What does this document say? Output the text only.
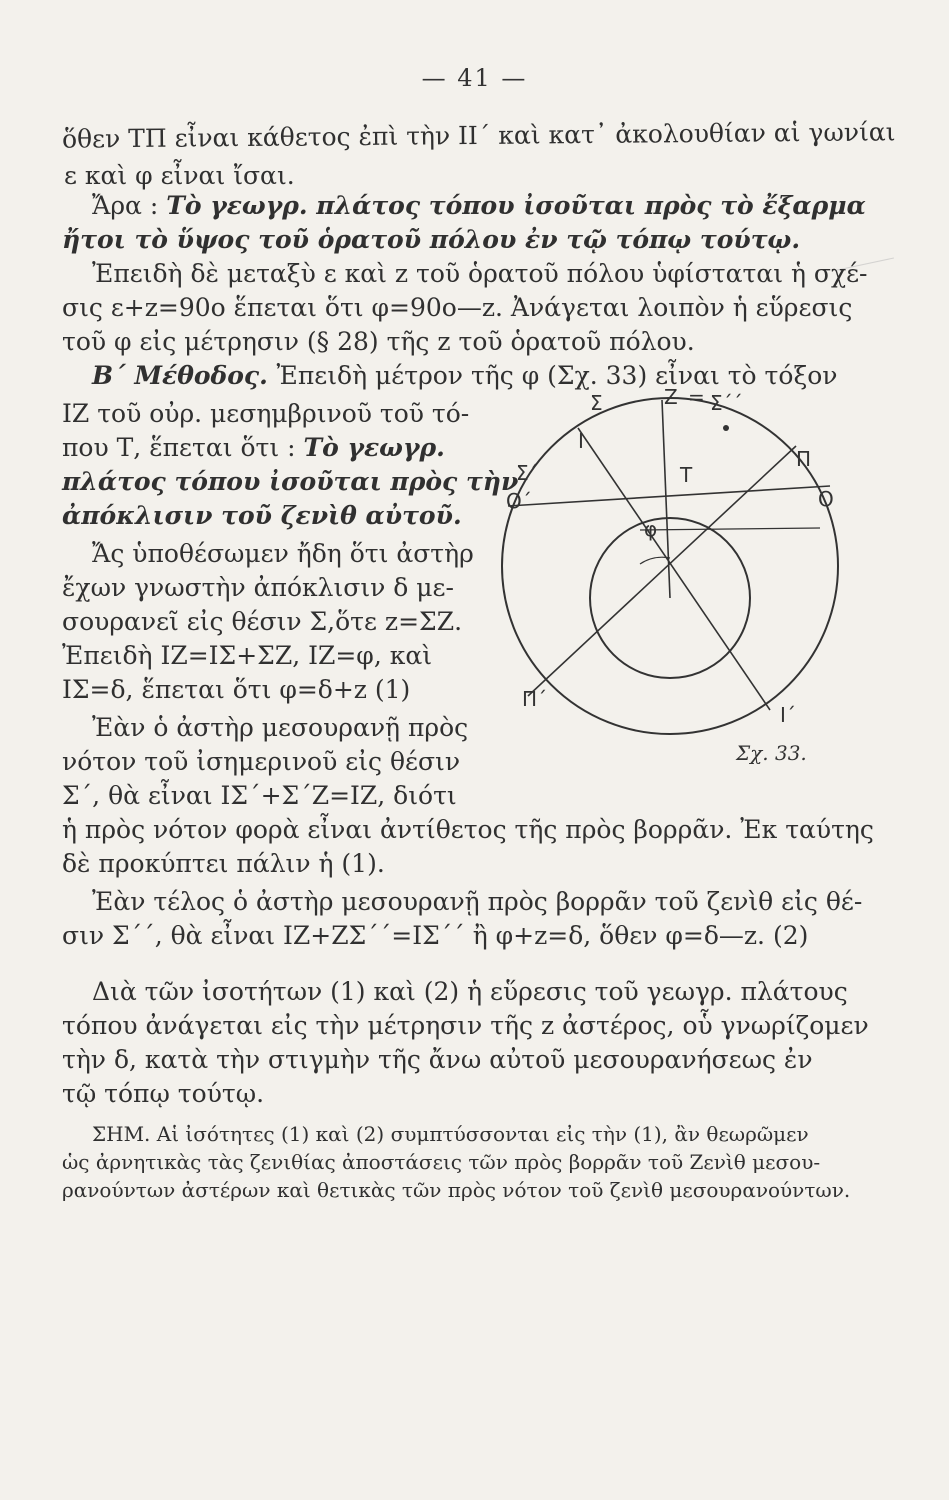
— 41 —
ὅθεν ΤΠ εἶναι κάθετος ἐπὶ τὴν ΙΙ΄ καὶ κατ᾽ ἀκολουθίαν αἱ γωνίαι
ε καὶ φ εἶναι ἴσαι.
Ἄρα : Τὸ γεωγρ. πλάτος τόπου ἰσοῦται πρὸς τὸ ἔξαρμα
ἤτοι τὸ ὕψος τοῦ ὁρατοῦ πόλου ἐν τῷ τόπῳ τούτῳ.
Ἐπειδὴ δὲ μεταξὺ ε καὶ z τοῦ ὁρατοῦ πόλου ὑφίσταται ἡ σχέ-
σις ε+z=90ο ἕπεται ὅτι φ=90ο—z. Ἀνάγεται λοιπὸν ἡ εὕρεσις
τοῦ φ εἰς μέτρησιν (§ 28) τῆς z τοῦ ὁρατοῦ πόλου.
Β΄ Μέθοδος. Ἐπειδὴ μέτρον τῆς φ (Σχ. 33) εἶναι τὸ τόξον
ΙΖ τοῦ οὐρ. μεσημβρινοῦ τοῦ τό-
που Τ, ἕπεται ὅτι : Τὸ γεωγρ.
πλάτος τόπου ἰσοῦται πρὸς τὴν
ἀπόκλισιν τοῦ ζενὶθ αὐτοῦ.
Ἄς ὑποθέσωμεν ἤδη ὅτι ἀστὴρ
ἔχων γνωστὴν ἀπόκλισιν δ με-
σουρανεῖ εἰς θέσιν Σ,ὅτε z=ΣΖ.
Ἐπειδὴ ΙΖ=ΙΣ+ΣΖ, ΙΖ=φ, καὶ
ΙΣ=δ, ἕπεται ὅτι φ=δ+z (1)
Ἐὰν ὁ ἀστὴρ μεσουρανῇ πρὸς
νότον τοῦ ἰσημερινοῦ εἰς θέσιν
Σ΄, θὰ εἶναι ΙΣ΄+Σ΄Ζ=ΙΖ, διότι
ἡ πρὸς νότον φορὰ εἶναι ἀντίθετος τῆς πρὸς βορρᾶν. Ἐκ ταύτης
δὲ προκύπτει πάλιν ἡ (1).
Ἐὰν τέλος ὁ ἀστὴρ μεσουρανῇ πρὸς βορρᾶν τοῦ ζενὶθ εἰς θέ-
σιν Σ΄΄, θὰ εἶναι ΙΖ+ΖΣ΄΄=ΙΣ΄΄ ἢ φ+z=δ, ὅθεν φ=δ—z. (2)
Διὰ τῶν ἰσοτήτων (1) καὶ (2) ἡ εὕρεσις τοῦ γεωγρ. πλάτους
τόπου ἀνάγεται εἰς τὴν μέτρησιν τῆς z ἀστέρος, οὗ γνωρίζομεν
τὴν δ, κατὰ τὴν στιγμὴν τῆς ἄνω αὐτοῦ μεσουρανήσεως ἐν
τῷ τόπῳ τούτῳ.
ΣΗΜ. Αἱ ἰσότητες (1) καὶ (2) συμπτύσσονται εἰς τὴν (1), ἂν θεωρῶμεν
ὡς ἀρνητικὰς τὰς ζενιθίας ἀποστάσεις τῶν πρὸς βορρᾶν τοῦ Ζενὶθ μεσου-
ρανούντων ἀστέρων καὶ θετικὰς τῶν πρὸς νότον τοῦ ζενὶθ μεσουρανούντων.
Σ	Ζ = Σ΄΄
Ι
Π
Τ
Σ΄
Ο΄	Ο
φ
Π΄
Ι΄
Σχ. 33.
